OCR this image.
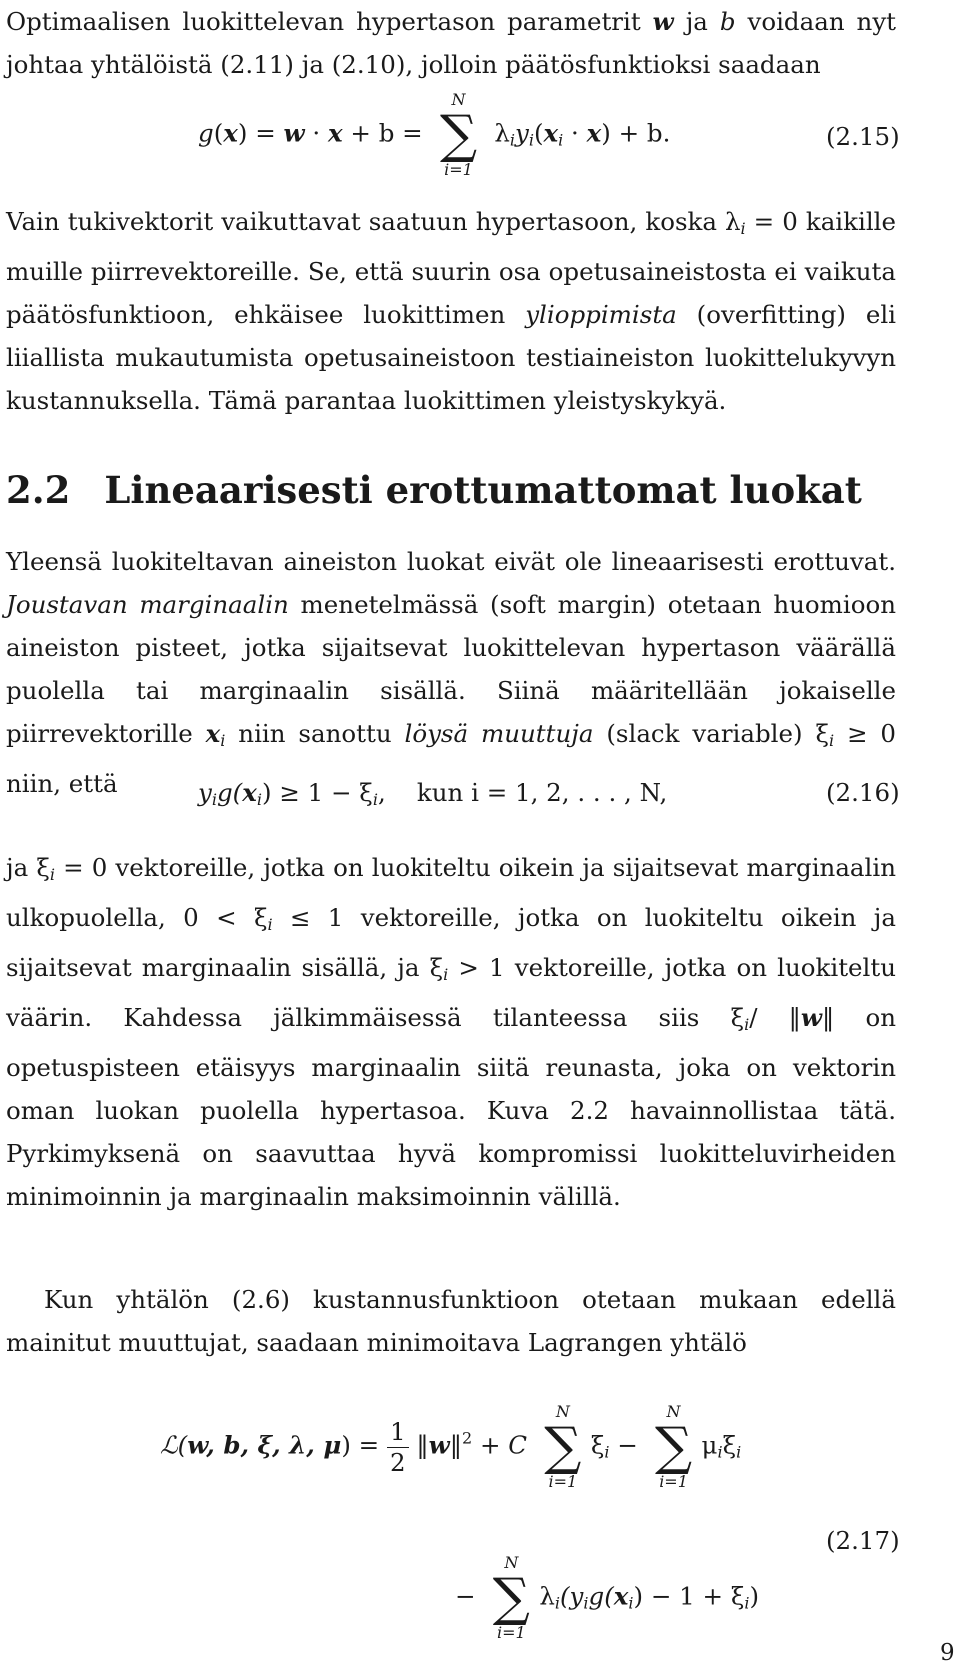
Optimaalisen luokittelevan hypertason parametrit w ja b voidaan nyt johtaa yhtälöistä (2.11) ja (2.10), jolloin päätösfunktioksi saadaan

g(x) = w · x + b =
N
∑
i=1
$\lambda_iy_i(x_i \cdot x) + b$.	(2.15)

Vain tukivektorit vaikuttavat saatuun hypertasoon, koska $\lambda_i = 0$ kaikille muille piirrevektoreille. Se, että suurin osa opetusaineistosta ei vaikuta päätösfunktioon, ehkäisee luokittimen ylioppimista (overfitting) eli liiallista mukautumista opetusaineistoon testiaineiston luokittelukyvyn kustannuksella. Tämä parantaa luokittimen yleistyskykyä.

2.2 Lineaarisesti erottumattomat luokat

Yleensä luokiteltavan aineiston luokat eivät ole lineaarisesti erottuvat. Joustavan marginaalin menetelmässä (soft margin) otetaan huomioon aineiston pisteet, jotka sijaitsevat luokittelevan hypertason väärällä puolella tai marginaalin sisällä. Siinä määritellään jokaiselle piirrevektorille $x_i$ niin sanottu löysä muuttuja (slack variable) $\xi_i \ge 0$ niin, että	$y_ig(x_i) \ge 1 - \xi_i$,    kun i = 1, 2, . . . , N,	(2.16)

ja $\xi_i = 0$ vektoreille, jotka on luokiteltu oikein ja sijaitsevat marginaalin ulkopuolella, $0 < \xi_i \le 1$ vektoreille, jotka on luokiteltu oikein ja sijaitsevat marginaalin sisällä, ja $\xi_i > 1$ vektoreille, jotka on luokiteltu väärin. Kahdessa jälkimmäisessä tilanteessa siis $\xi_i/$ ‖w‖ on opetuspisteen etäisyys marginaalin siitä reunasta, joka on vektorin oman luokan puolella hypertasoa. Kuva 2.2 havainnollistaa tätä. Pyrkimyksenä on saavuttaa hyvä kompromissi luokitteluvirheiden minimoinnin ja marginaalin maksimoinnin välillä.

Kun yhtälön (2.6) kustannusfunktioon otetaan mukaan edellä mainitut muuttujat, saadaan minimoitava Lagrangen yhtälö

ℒ(w, b, ξ, λ, $\mu) = \frac{1}{2}$ ‖w‖$^2$ + C
N
∑
i=1
$\xi_i$ −
N
∑
i=1
$\mu_i\xi_i$
−
N
∑
i=1
$\lambda_i(y_ig(x_i) - 1 + \xi_i)$
(2.17)
9
